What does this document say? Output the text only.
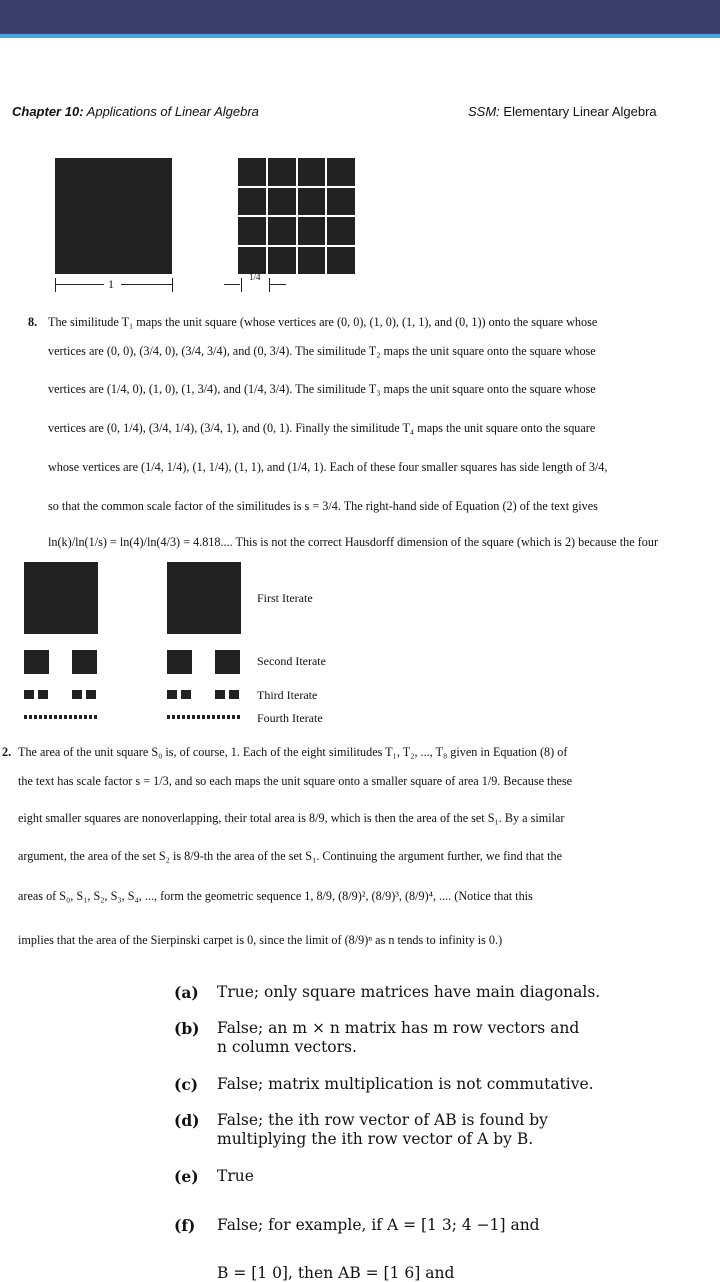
Chapter 10: Applications of Linear Algebra	SSM: Elementary Linear Algebra
1	1/4
8. The similitude T₁ maps the unit square (whose vertices are (0, 0), (1, 0), (1, 1), and (0, 1)) onto the square whose
vertices are (0, 0), (3/4, 0), (3/4, 3/4), and (0, 3/4). The similitude T₂ maps the unit square onto the square whose
vertices are (1/4, 0), (1, 0), (1, 3/4), and (1/4, 3/4). The similitude T₃ maps the unit square onto the square whose
vertices are (0, 1/4), (3/4, 1/4), (3/4, 1), and (0, 1). Finally the similitude T₄ maps the unit square onto the square
whose vertices are (1/4, 1/4), (1, 1/4), (1, 1), and (1/4, 1). Each of these four smaller squares has side length of 3/4,
so that the common scale factor of the similitudes is s = 3/4. The right-hand side of Equation (2) of the text gives
ln(k)/ln(1/s) = ln(4)/ln(4/3) = 4.818.... This is not the correct Hausdorff dimension of the square (which is 2) because the four
First Iterate
Second Iterate
Third Iterate
Fourth Iterate
2. The area of the unit square S₀ is, of course, 1. Each of the eight similitudes T₁, T₂, ..., T₈ given in Equation (8) of
the text has scale factor s = 1/3, and so each maps the unit square onto a smaller square of area 1/9. Because these
eight smaller squares are nonoverlapping, their total area is 8/9, which is then the area of the set S₁. By a similar
argument, the area of the set S₂ is 8/9-th the area of the set S₁. Continuing the argument further, we find that the
areas of S₀, S₁, S₂, S₃, S₄, ..., form the geometric sequence 1, 8/9, (8/9)², (8/9)³, (8/9)⁴, .... (Notice that this
implies that the area of the Sierpinski carpet is 0, since the limit of (8/9)ⁿ as n tends to infinity is 0.)
(a) True; only square matrices have main diagonals.
(b) False; an m × n matrix has m row vectors and
n column vectors.
(c) False; matrix multiplication is not commutative.
(d) False; the ith row vector of AB is found by
multiplying the ith row vector of A by B.
(e) True
(f) False; for example, if A = [1 3; 4 −1] and
B = [1 0], then AB = [1 6] and
